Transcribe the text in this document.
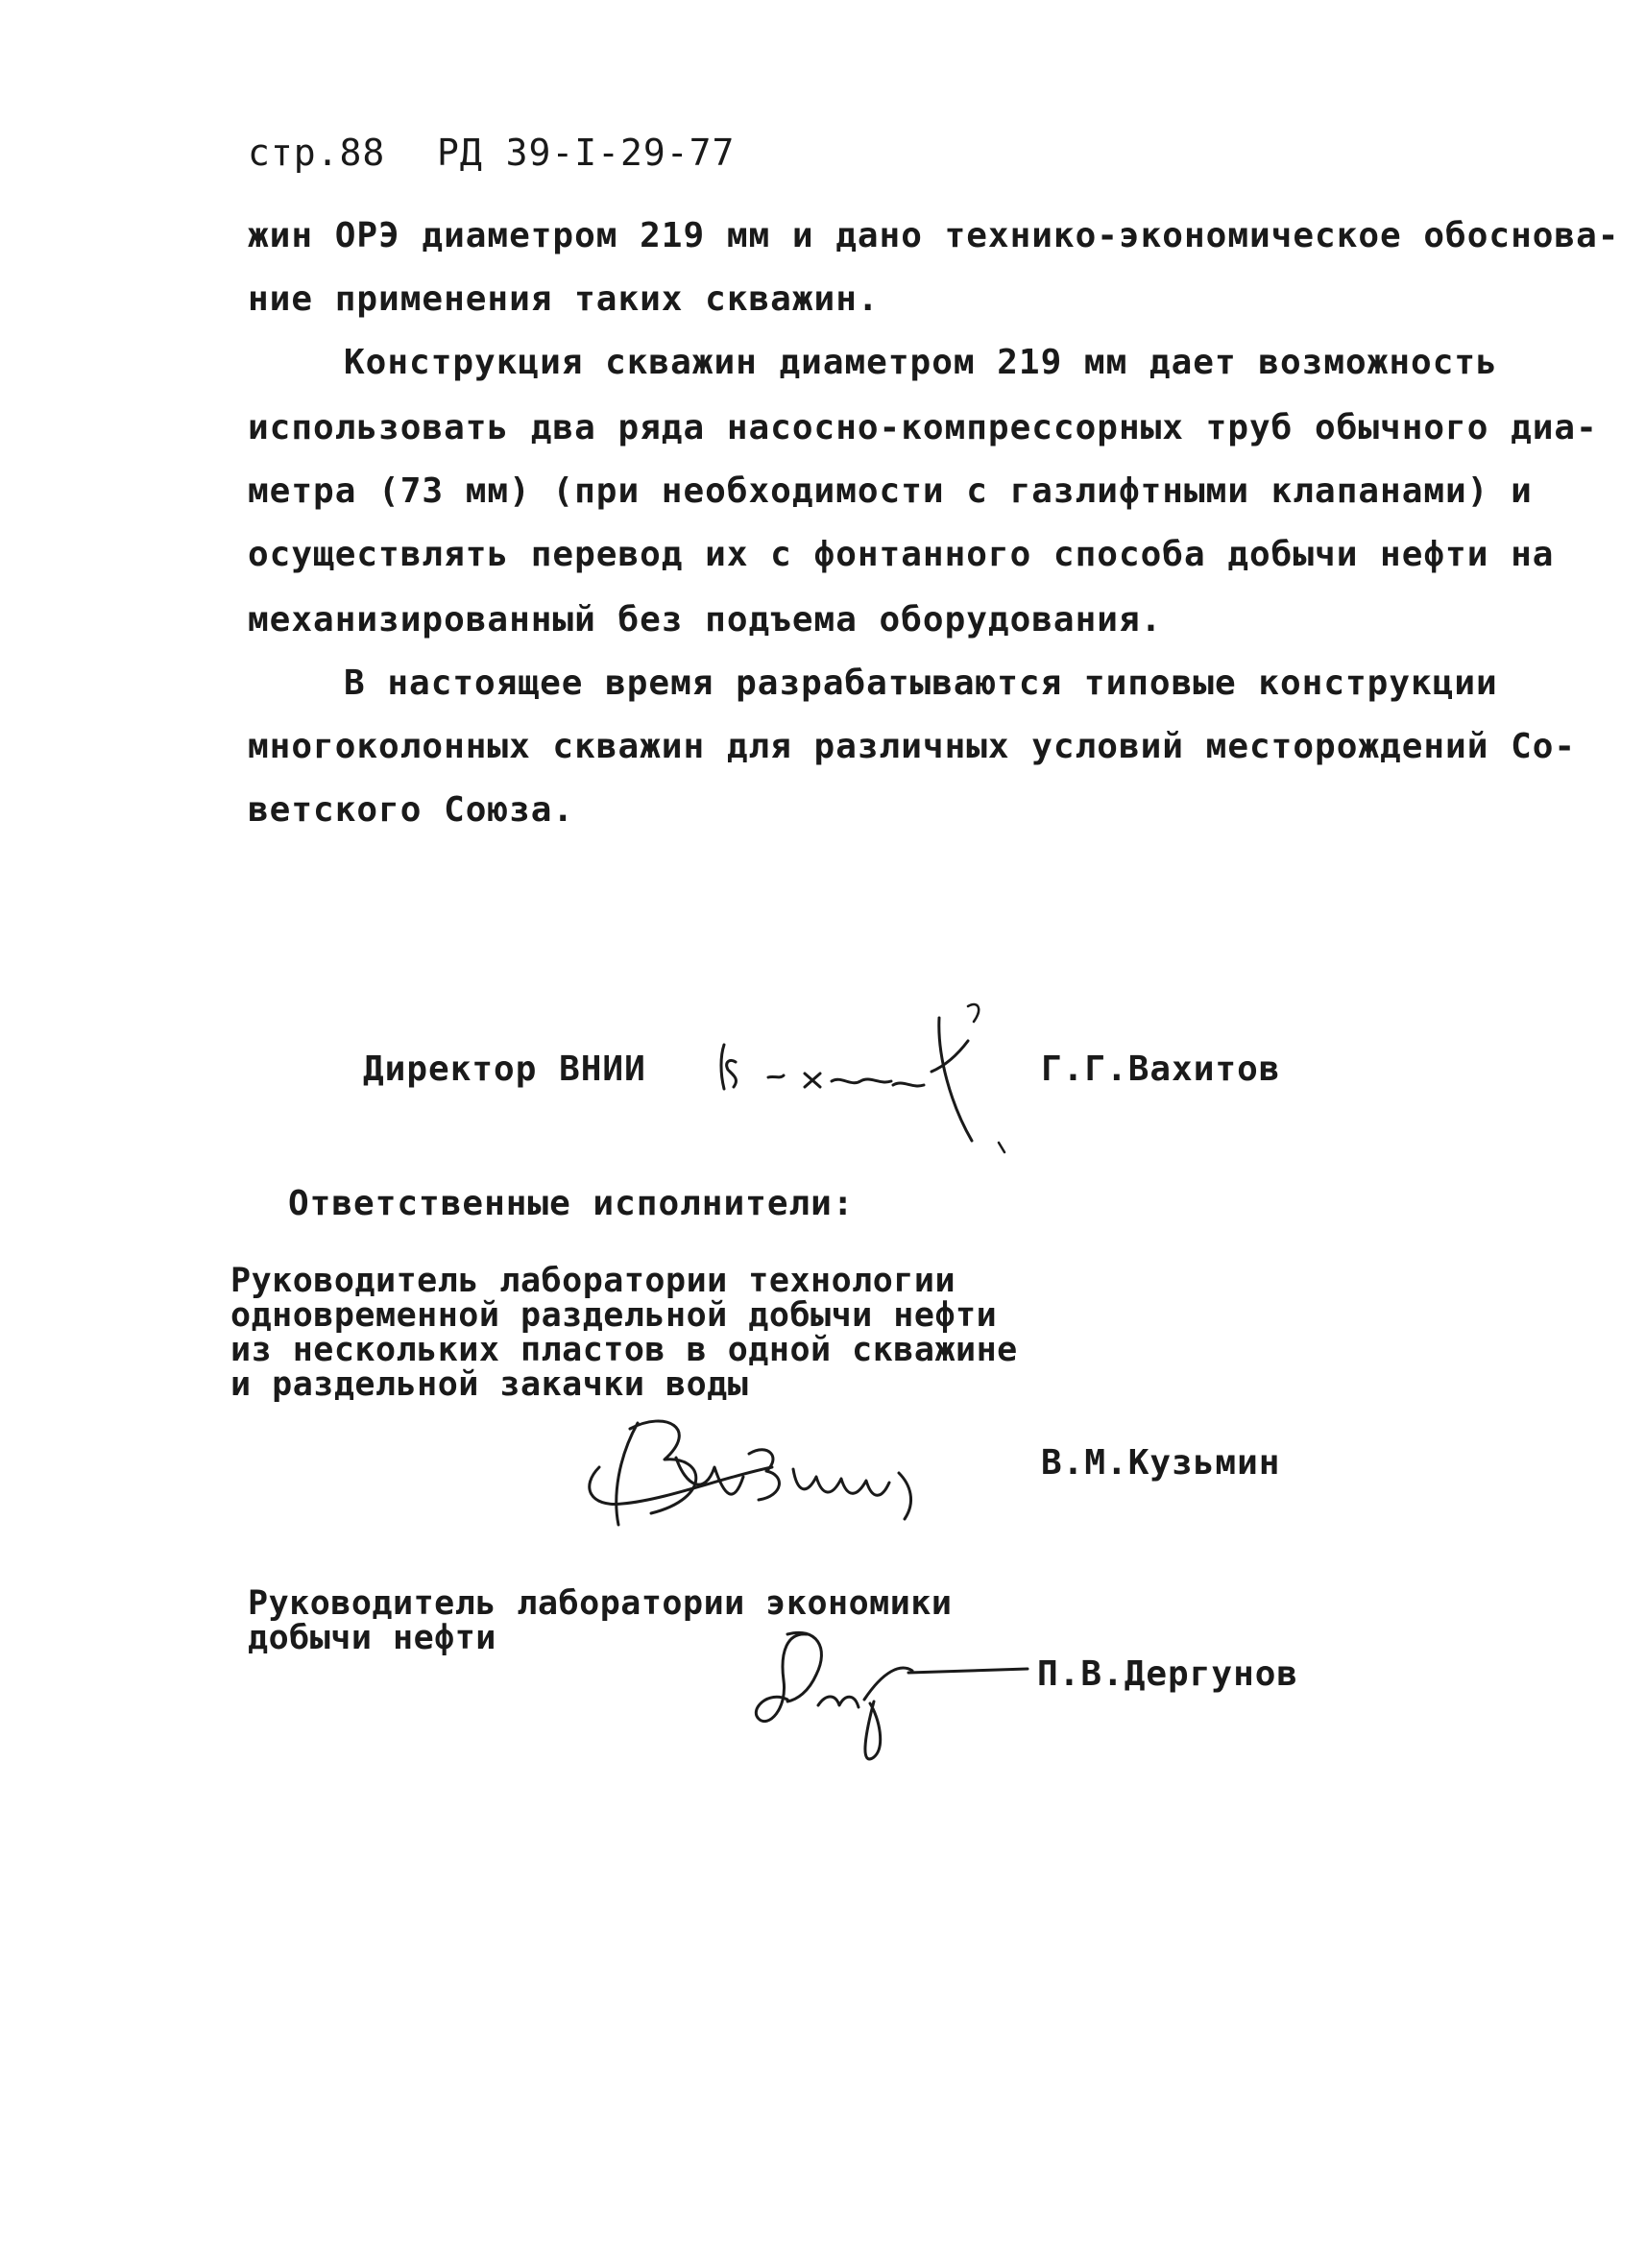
стр.88 РД 39-I-29-77
жин ОРЭ диаметром 219 мм и дано технико-экономическое обоснова-
ние применения таких скважин.
Конструкция скважин диаметром 219 мм дает возможность
использовать два ряда насосно-компрессорных труб обычного диа-
метра (73 мм) (при необходимости с газлифтными клапанами) и
осуществлять перевод их с фонтанного способа добычи нефти на
механизированный без подъема оборудования.
В настоящее время разрабатываются типовые конструкции
многоколонных скважин для различных условий месторождений Со-
ветского Союза.
Директор ВНИИ	Г.Г.Вахитов
Ответственные исполнители:
Руководитель лаборатории технологии
одновременной раздельной добычи нефти
из нескольких пластов в одной скважине
и раздельной закачки воды
В.М.Кузьмин
Руководитель лаборатории экономики
добычи нефти
П.В.Дергунов
